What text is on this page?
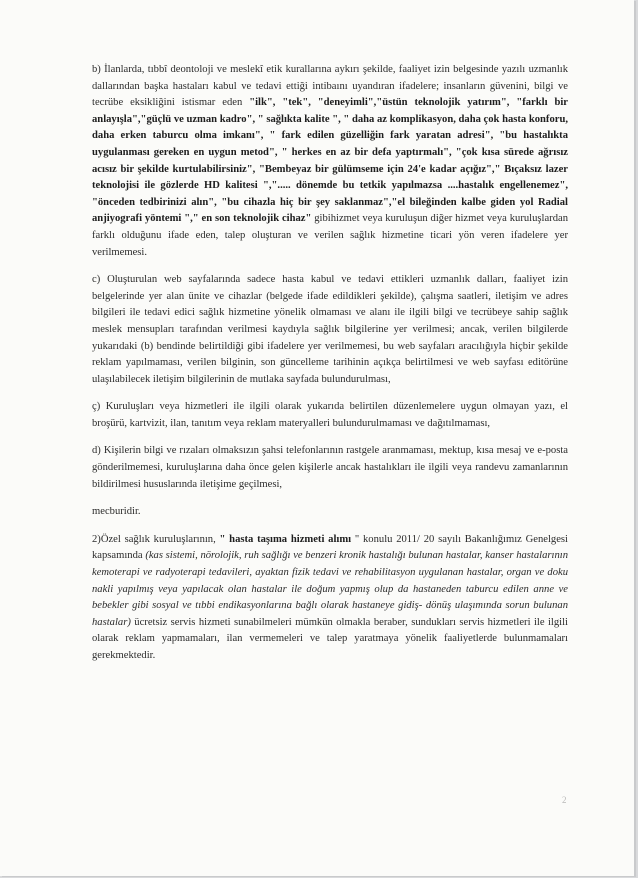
b) İlanlarda, tıbbî deontoloji ve meslekî etik kurallarına aykırı şekilde, faaliyet izin belgesinde yazılı uzmanlık dallarından başka hastaları kabul ve tedavi ettiği intibaını uyandıran ifadelere; insanların güvenini, bilgi ve tecrübe eksikliğini istismar eden "ilk", "tek", "deneyimli","üstün teknolojik yatırım", "farklı bir anlayışla","güçlü ve uzman kadro", " sağlıkta kalite ", " daha az komplikasyon, daha çok hasta konforu, daha erken taburcu olma imkanı", " fark edilen güzelliğin fark yaratan adresi", "bu hastalıkta uygulanması gereken en uygun metod", " herkes en az bir defa yaptırmalı", "çok kısa sürede ağrısız acısız bir şekilde kurtulabilirsiniz", "Bembeyaz bir gülümseme için 24'e kadar açığız"," Bıçaksız lazer teknolojisi ile gözlerde HD kalitesi ","..... dönemde bu tetkik yapılmazsa ....hastalık engellenemez", "önceden tedbirinizi alın", "bu cihazla hiç bir şey saklanmaz","el bileğinden kalbe giden yol Radial anjiyografi yöntemi "," en son teknolojik cihaz" gibihizmet veya kuruluşun diğer hizmet veya kuruluşlardan farklı olduğunu ifade eden, talep oluşturan ve verilen sağlık hizmetine ticari yön veren ifadelere yer verilmemesi.

c) Oluşturulan web sayfalarında sadece hasta kabul ve tedavi ettikleri uzmanlık dalları, faaliyet izin belgelerinde yer alan ünite ve cihazlar (belgede ifade edildikleri şekilde), çalışma saatleri, iletişim ve adres bilgileri ile tedavi edici sağlık hizmetine yönelik olmaması ve alanı ile ilgili bilgi ve tecrübeye sahip sağlık meslek mensupları tarafından verilmesi kaydıyla sağlık bilgilerine yer verilmesi; ancak, verilen bilgilerde yukarıdaki (b) bendinde belirtildiği gibi ifadelere yer verilmemesi, bu web sayfaları aracılığıyla hiçbir şekilde reklam yapılmaması, verilen bilginin, son güncelleme tarihinin açıkça belirtilmesi ve web sayfası editörüne ulaşılabilecek iletişim bilgilerinin de mutlaka sayfada bulundurulması,

ç) Kuruluşları veya hizmetleri ile ilgili olarak yukarıda belirtilen düzenlemelere uygun olmayan yazı, el broşürü, kartvizit, ilan, tanıtım veya reklam materyalleri bulundurulmaması ve dağıtılmaması,

d) Kişilerin bilgi ve rızaları olmaksızın şahsi telefonlarının rastgele aranmaması, mektup, kısa mesaj ve e-posta gönderilmemesi, kuruluşlarına daha önce gelen kişilerle ancak hastalıkları ile ilgili veya randevu zamanlarının bildirilmesi hususlarında iletişime geçilmesi,

mecburidir.

2)Özel sağlık kuruluşlarının, " hasta taşıma hizmeti alımı " konulu 2011/ 20 sayılı Bakanlığımız Genelgesi kapsamında (kas sistemi, nörolojik, ruh sağlığı ve benzeri kronik hastalığı bulunan hastalar, kanser hastalarının kemoterapi ve radyoterapi tedavileri, ayaktan fizik tedavi ve rehabilitasyon uygulanan hastalar, organ ve doku nakli yapılmış veya yapılacak olan hastalar ile doğum yapmış olup da hastaneden taburcu edilen anne ve bebekler gibi sosyal ve tıbbi endikasyonlarına bağlı olarak hastaneye gidiş- dönüş ulaşımında sorun bulunan hastalar) ücretsiz servis hizmeti sunabilmeleri mümkün olmakla beraber, sundukları servis hizmetleri ile ilgili olarak reklam yapmamaları, ilan vermemeleri ve talep yaratmaya yönelik faaliyetlerde bulunmamaları gerekmektedir.

2
